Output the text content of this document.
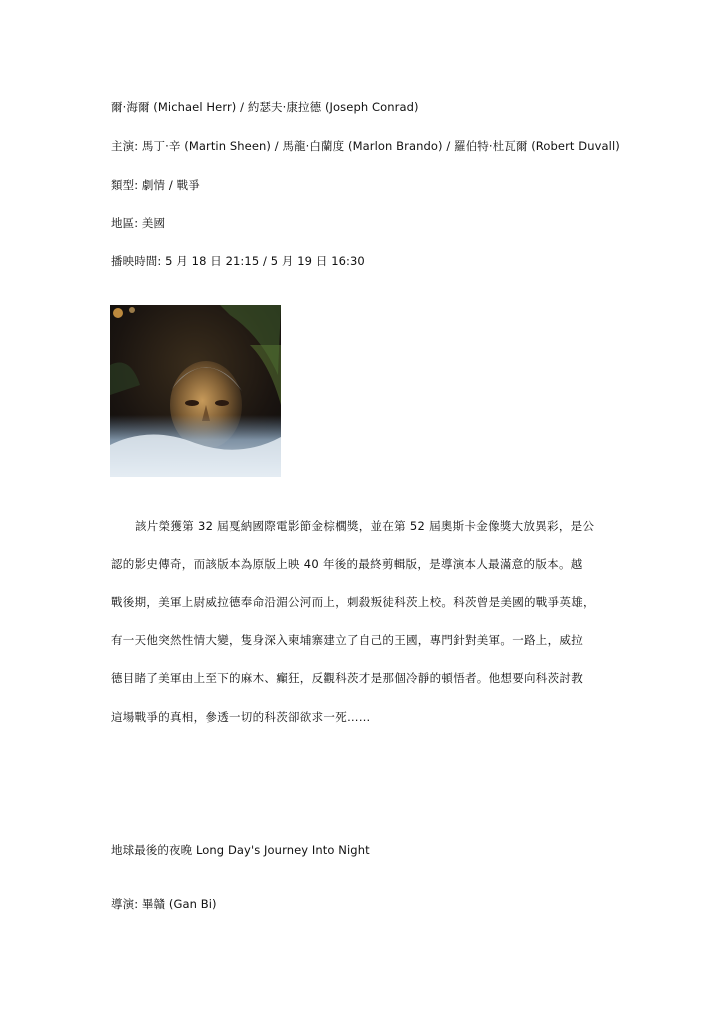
爾·海爾 (Michael Herr) / 約瑟夫·康拉德 (Joseph Conrad)
主演: 馬丁·辛 (Martin Sheen) / 馬龍·白蘭度 (Marlon Brando) / 羅伯特·杜瓦爾 (Robert Duvall)
類型: 劇情 / 戰爭
地區: 美國
播映時間: 5 月 18 日 21:15 / 5 月 19 日 16:30
該片榮獲第 32 屆戛納國際電影節金棕櫚獎，並在第 52 屆奧斯卡金像獎大放異彩，是公
認的影史傳奇，而該版本為原版上映 40 年後的最終剪輯版，是導演本人最滿意的版本。越
戰後期，美軍上尉威拉德奉命沿湄公河而上，刺殺叛徒科茨上校。科茨曾是美國的戰爭英雄，
有一天他突然性情大變，隻身深入柬埔寨建立了自己的王國，專門針對美軍。一路上，威拉
德目睹了美軍由上至下的麻木、癲狂，反觀科茨才是那個冷靜的頓悟者。他想要向科茨討教
這場戰爭的真相，參透一切的科茨卻欲求一死……
地球最後的夜晚 Long Day's Journey Into Night
導演: 畢贛 (Gan Bi)
